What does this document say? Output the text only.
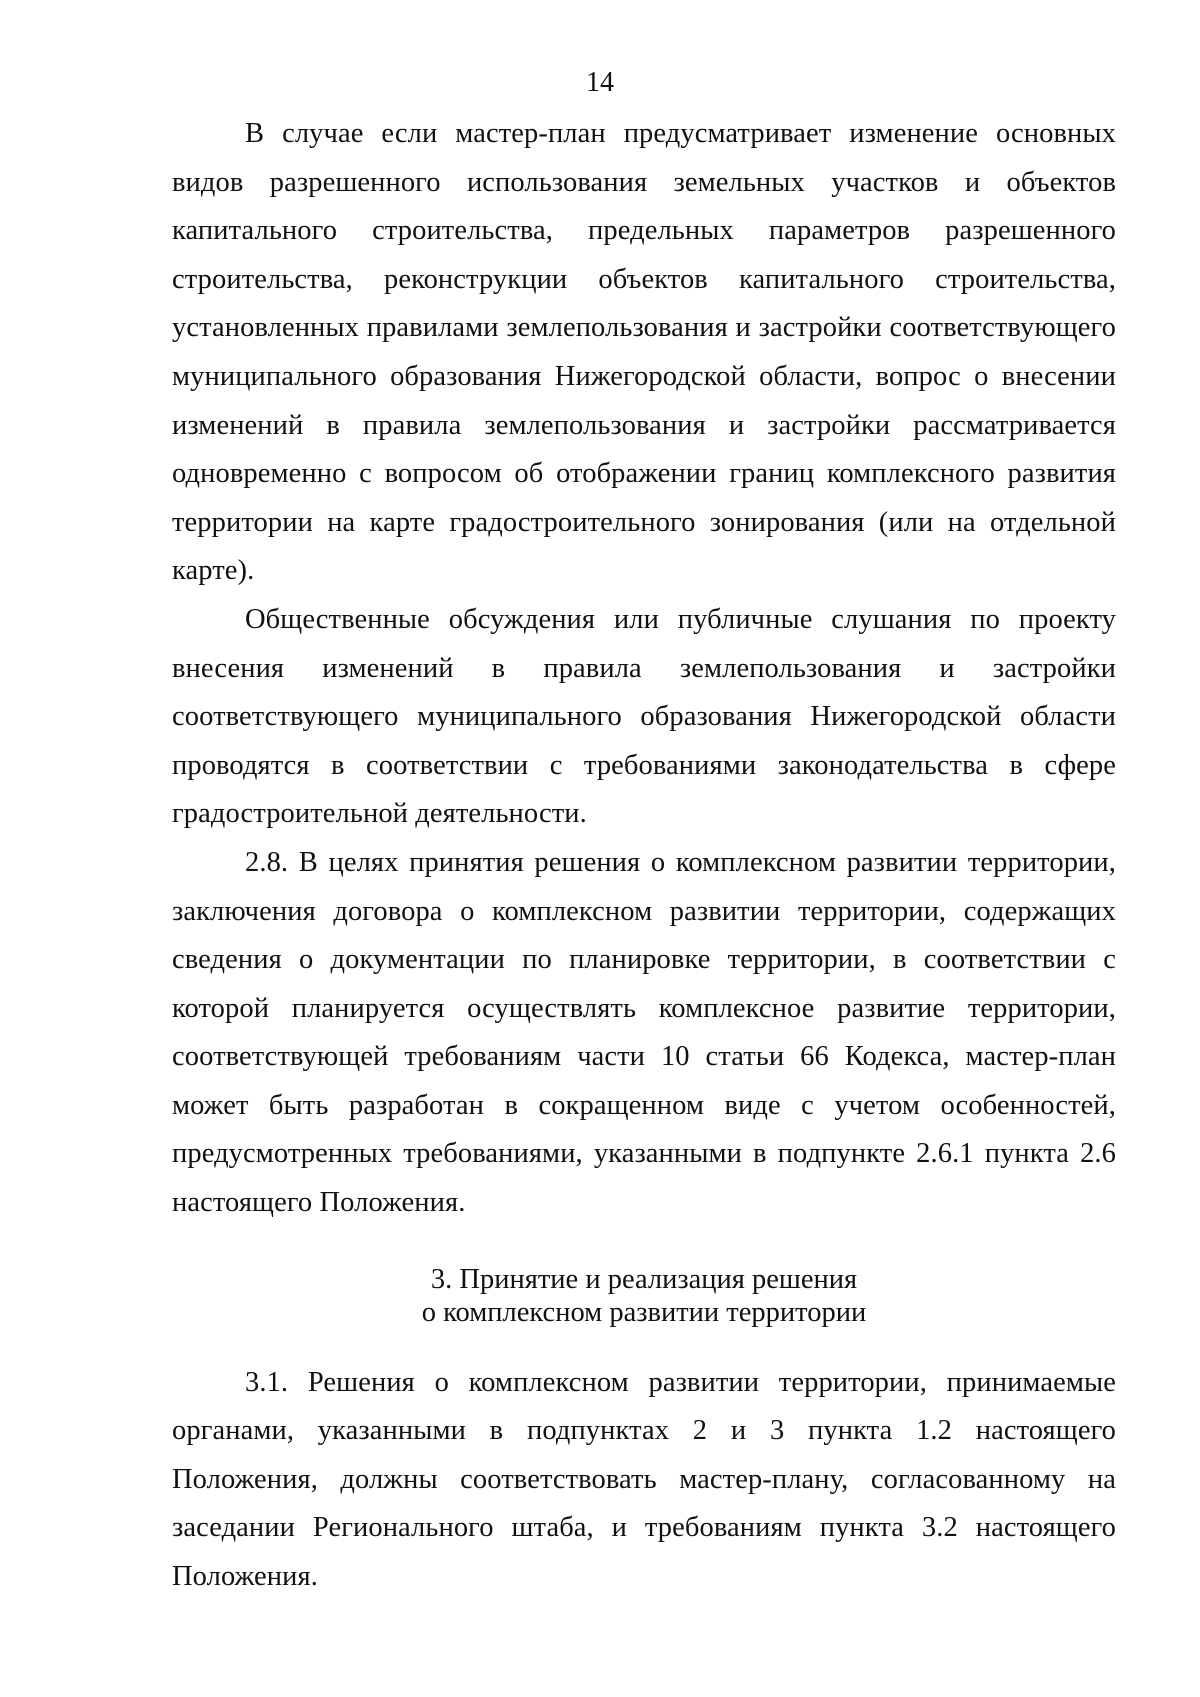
14

В случае если мастер-план предусматривает изменение основных видов разрешенного использования земельных участков и объектов капитального строительства, предельных параметров разрешенного строительства, реконструкции объектов капитального строительства, установленных правилами землепользования и застройки соответствующего муниципального образования Нижегородской области, вопрос о внесении изменений в правила землепользования и застройки рассматривается одновременно с вопросом об отображении границ комплексного развития территории на карте градостроительного зонирования (или на отдельной карте).

Общественные обсуждения или публичные слушания по проекту внесения изменений в правила землепользования и застройки соответствующего муниципального образования Нижегородской области проводятся в соответствии с требованиями законодательства в сфере градостроительной деятельности.

2.8. В целях принятия решения о комплексном развитии территории, заключения договора о комплексном развитии территории, содержащих сведения о документации по планировке территории, в соответствии с которой планируется осуществлять комплексное развитие территории, соответствующей требованиям части 10 статьи 66 Кодекса, мастер-план может быть разработан в сокращенном виде с учетом особенностей, предусмотренных требованиями, указанными в подпункте 2.6.1 пункта 2.6 настоящего Положения.

3. Принятие и реализация решения
о комплексном развитии территории

3.1. Решения о комплексном развитии территории, принимаемые органами, указанными в подпунктах 2 и 3 пункта 1.2 настоящего Положения, должны соответствовать мастер-плану, согласованному на заседании Регионального штаба, и требованиям пункта 3.2 настоящего Положения.
